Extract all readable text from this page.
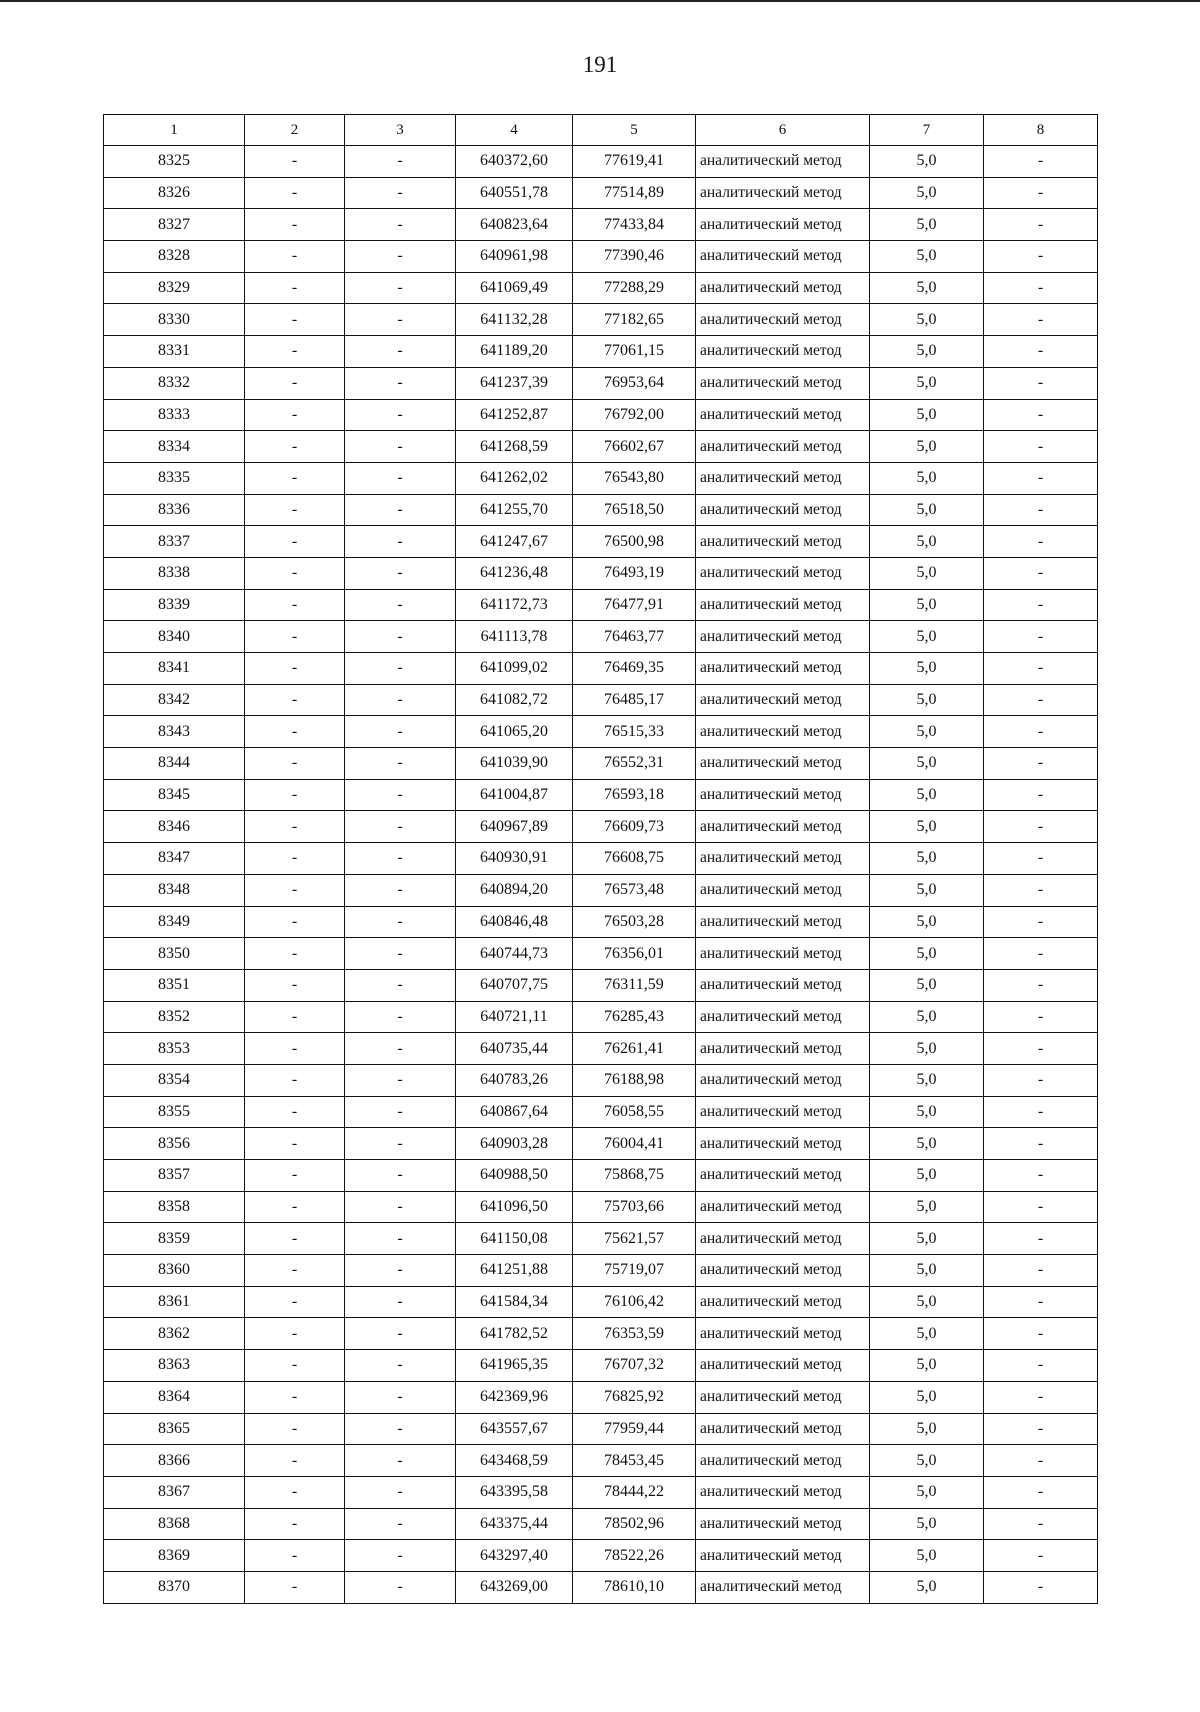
191
1	2	3	4	5	6	7	8
8325	-	-	640372,60	77619,41	аналитический метод	5,0	-
8326	-	-	640551,78	77514,89	аналитический метод	5,0	-
8327	-	-	640823,64	77433,84	аналитический метод	5,0	-
8328	-	-	640961,98	77390,46	аналитический метод	5,0	-
8329	-	-	641069,49	77288,29	аналитический метод	5,0	-
8330	-	-	641132,28	77182,65	аналитический метод	5,0	-
8331	-	-	641189,20	77061,15	аналитический метод	5,0	-
8332	-	-	641237,39	76953,64	аналитический метод	5,0	-
8333	-	-	641252,87	76792,00	аналитический метод	5,0	-
8334	-	-	641268,59	76602,67	аналитический метод	5,0	-
8335	-	-	641262,02	76543,80	аналитический метод	5,0	-
8336	-	-	641255,70	76518,50	аналитический метод	5,0	-
8337	-	-	641247,67	76500,98	аналитический метод	5,0	-
8338	-	-	641236,48	76493,19	аналитический метод	5,0	-
8339	-	-	641172,73	76477,91	аналитический метод	5,0	-
8340	-	-	641113,78	76463,77	аналитический метод	5,0	-
8341	-	-	641099,02	76469,35	аналитический метод	5,0	-
8342	-	-	641082,72	76485,17	аналитический метод	5,0	-
8343	-	-	641065,20	76515,33	аналитический метод	5,0	-
8344	-	-	641039,90	76552,31	аналитический метод	5,0	-
8345	-	-	641004,87	76593,18	аналитический метод	5,0	-
8346	-	-	640967,89	76609,73	аналитический метод	5,0	-
8347	-	-	640930,91	76608,75	аналитический метод	5,0	-
8348	-	-	640894,20	76573,48	аналитический метод	5,0	-
8349	-	-	640846,48	76503,28	аналитический метод	5,0	-
8350	-	-	640744,73	76356,01	аналитический метод	5,0	-
8351	-	-	640707,75	76311,59	аналитический метод	5,0	-
8352	-	-	640721,11	76285,43	аналитический метод	5,0	-
8353	-	-	640735,44	76261,41	аналитический метод	5,0	-
8354	-	-	640783,26	76188,98	аналитический метод	5,0	-
8355	-	-	640867,64	76058,55	аналитический метод	5,0	-
8356	-	-	640903,28	76004,41	аналитический метод	5,0	-
8357	-	-	640988,50	75868,75	аналитический метод	5,0	-
8358	-	-	641096,50	75703,66	аналитический метод	5,0	-
8359	-	-	641150,08	75621,57	аналитический метод	5,0	-
8360	-	-	641251,88	75719,07	аналитический метод	5,0	-
8361	-	-	641584,34	76106,42	аналитический метод	5,0	-
8362	-	-	641782,52	76353,59	аналитический метод	5,0	-
8363	-	-	641965,35	76707,32	аналитический метод	5,0	-
8364	-	-	642369,96	76825,92	аналитический метод	5,0	-
8365	-	-	643557,67	77959,44	аналитический метод	5,0	-
8366	-	-	643468,59	78453,45	аналитический метод	5,0	-
8367	-	-	643395,58	78444,22	аналитический метод	5,0	-
8368	-	-	643375,44	78502,96	аналитический метод	5,0	-
8369	-	-	643297,40	78522,26	аналитический метод	5,0	-
8370	-	-	643269,00	78610,10	аналитический метод	5,0	-
